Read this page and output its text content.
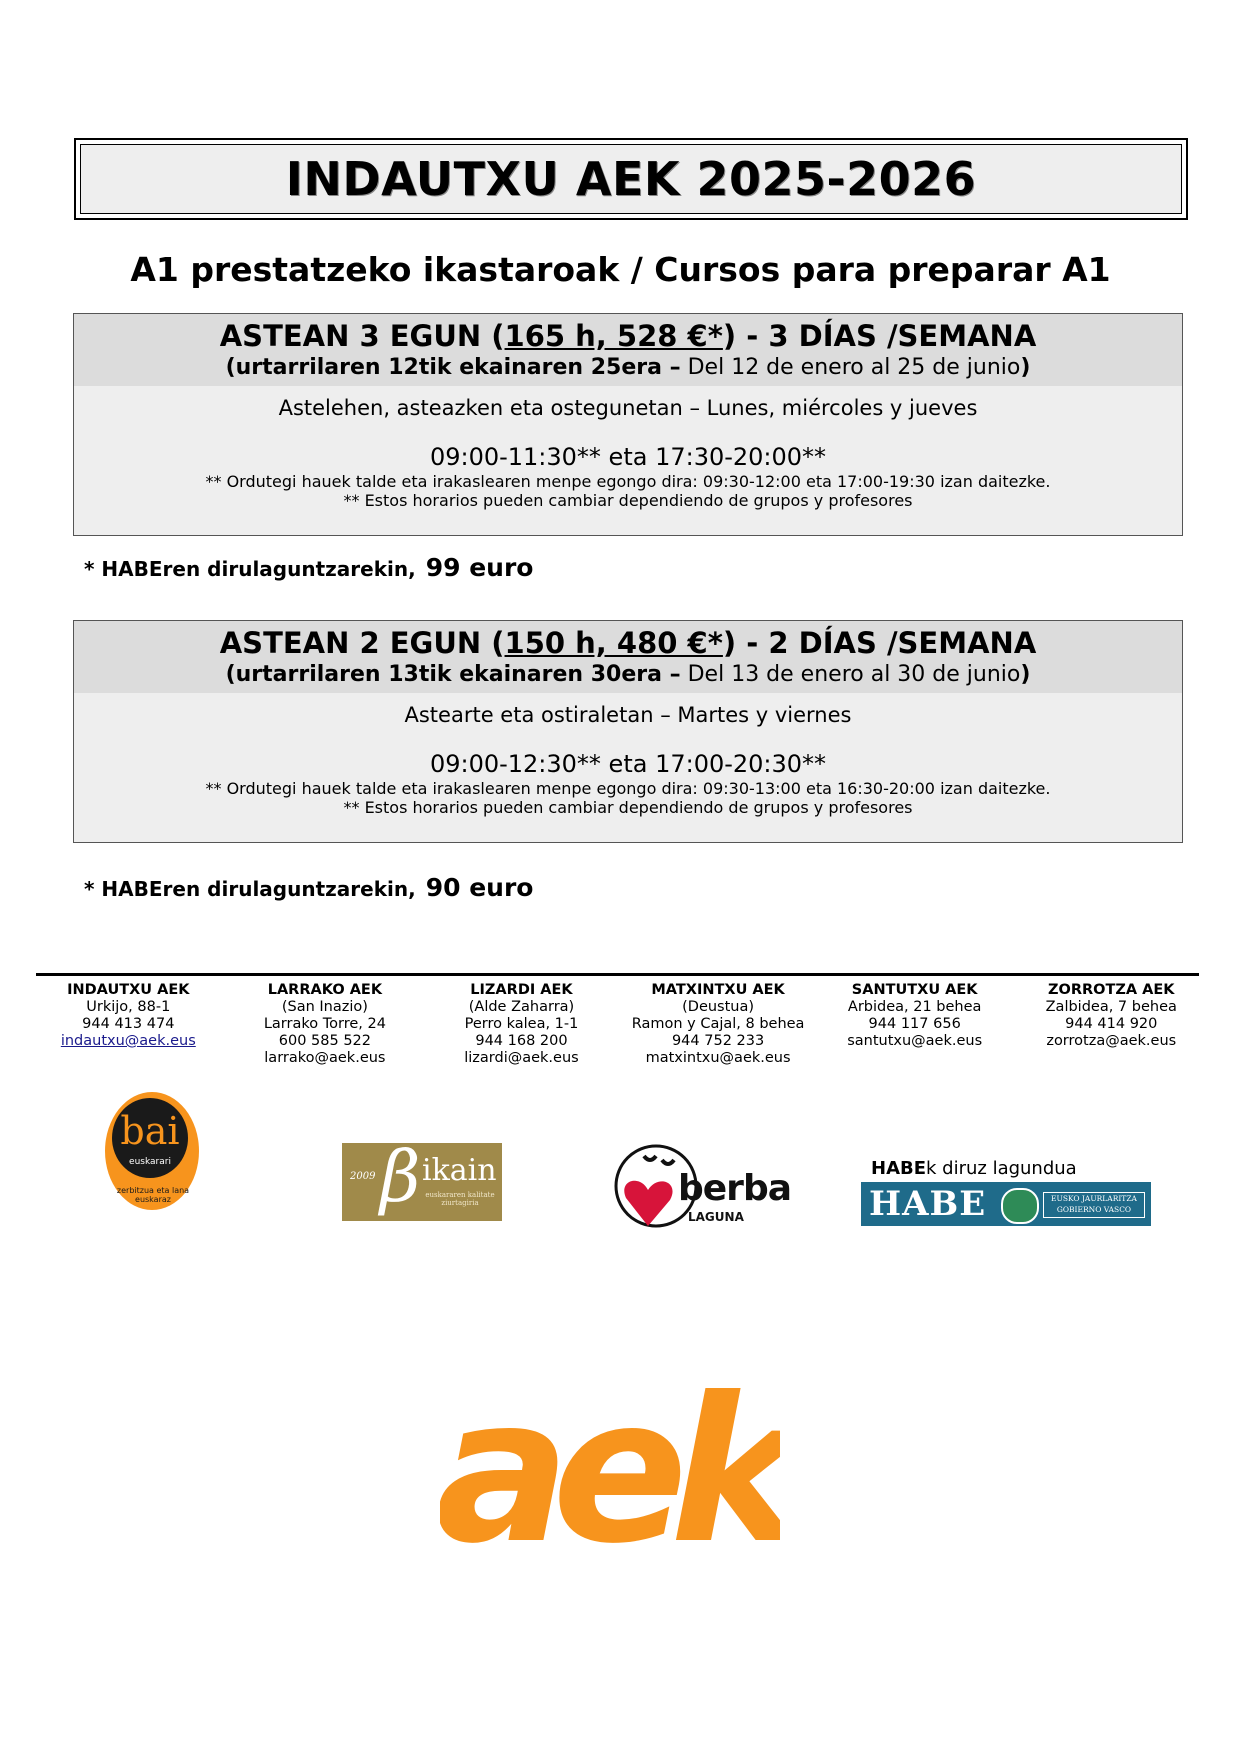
INDAUTXU AEK 2025-2026
A1 prestatzeko ikastaroak / Cursos para preparar A1
ASTEAN 3 EGUN (165 h, 528 €*) - 3 DÍAS /SEMANA
(urtarrilaren 12tik ekainaren 25era – Del 12 de enero al 25 de junio)
Astelehen, asteazken eta ostegunetan – Lunes, miércoles y jueves
09:00-11:30** eta 17:30-20:00**
** Ordutegi hauek talde eta irakaslearen menpe egongo dira: 09:30-12:00 eta 17:00-19:30 izan daitezke.
** Estos horarios pueden cambiar dependiendo de grupos y profesores
* HABEren dirulaguntzarekin, 99 euro
ASTEAN 2 EGUN (150 h, 480 €*) - 2 DÍAS /SEMANA
(urtarrilaren 13tik ekainaren 30era – Del 13 de enero al 30 de junio)
Astearte eta ostiraletan – Martes y viernes
09:00-12:30** eta 17:00-20:30**
** Ordutegi hauek talde eta irakaslearen menpe egongo dira: 09:30-13:00 eta 16:30-20:00 izan daitezke.
** Estos horarios pueden cambiar dependiendo de grupos y profesores
* HABEren dirulaguntzarekin, 90 euro
INDAUTXU AEK
Urkijo, 88-1
944 413 474
indautxu@aek.eus
LARRAKO AEK
(San Inazio)
Larrako Torre, 24
600 585 522
larrako@aek.eus
LIZARDI AEK
(Alde Zaharra)
Perro kalea, 1-1
944 168 200
lizardi@aek.eus
MATXINTXU AEK
(Deustua)
Ramon y Cajal, 8 behea
944 752 233
matxintxu@aek.eus
SANTUTXU AEK
Arbidea, 21 behea
944 117 656
santutxu@aek.eus
ZORROTZA AEK
Zalbidea, 7 behea
944 414 920
zorrotza@aek.eus
bai
euskarari
zerbitzua eta lana euskaraz
2009 β ikain
euskararen kalitate ziurtagiria	berba
LAGUNA
HABEk diruz lagundua
HABE	EUSKO JAURLARITZA
GOBIERNO VASCO
aek
